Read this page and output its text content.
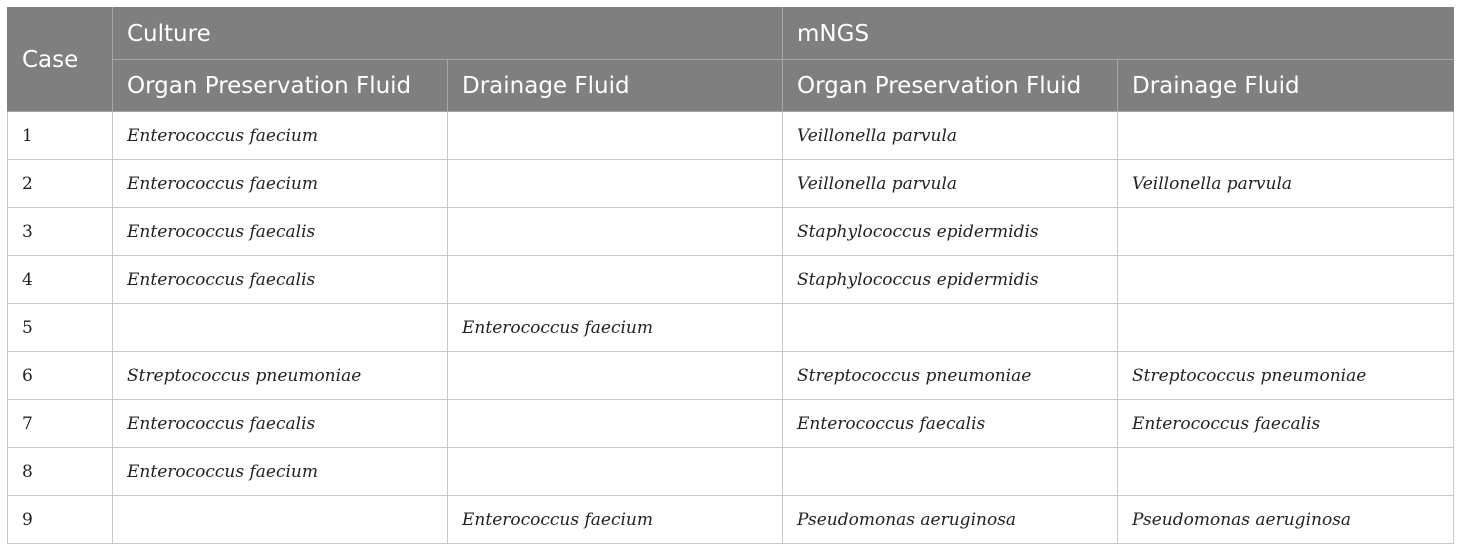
Case	Culture		mNGS	
	Organ Preservation Fluid	Drainage Fluid	Organ Preservation Fluid	Drainage Fluid
1	Enterococcus faecium		Veillonella parvula	
2	Enterococcus faecium		Veillonella parvula	Veillonella parvula
3	Enterococcus faecalis		Staphylococcus epidermidis	
4	Enterococcus faecalis		Staphylococcus epidermidis	
5		Enterococcus faecium		
6	Streptococcus pneumoniae		Streptococcus pneumoniae	Streptococcus pneumoniae
7	Enterococcus faecalis		Enterococcus faecalis	Enterococcus faecalis
8	Enterococcus faecium			
9		Enterococcus faecium	Pseudomonas aeruginosa	Pseudomonas aeruginosa
